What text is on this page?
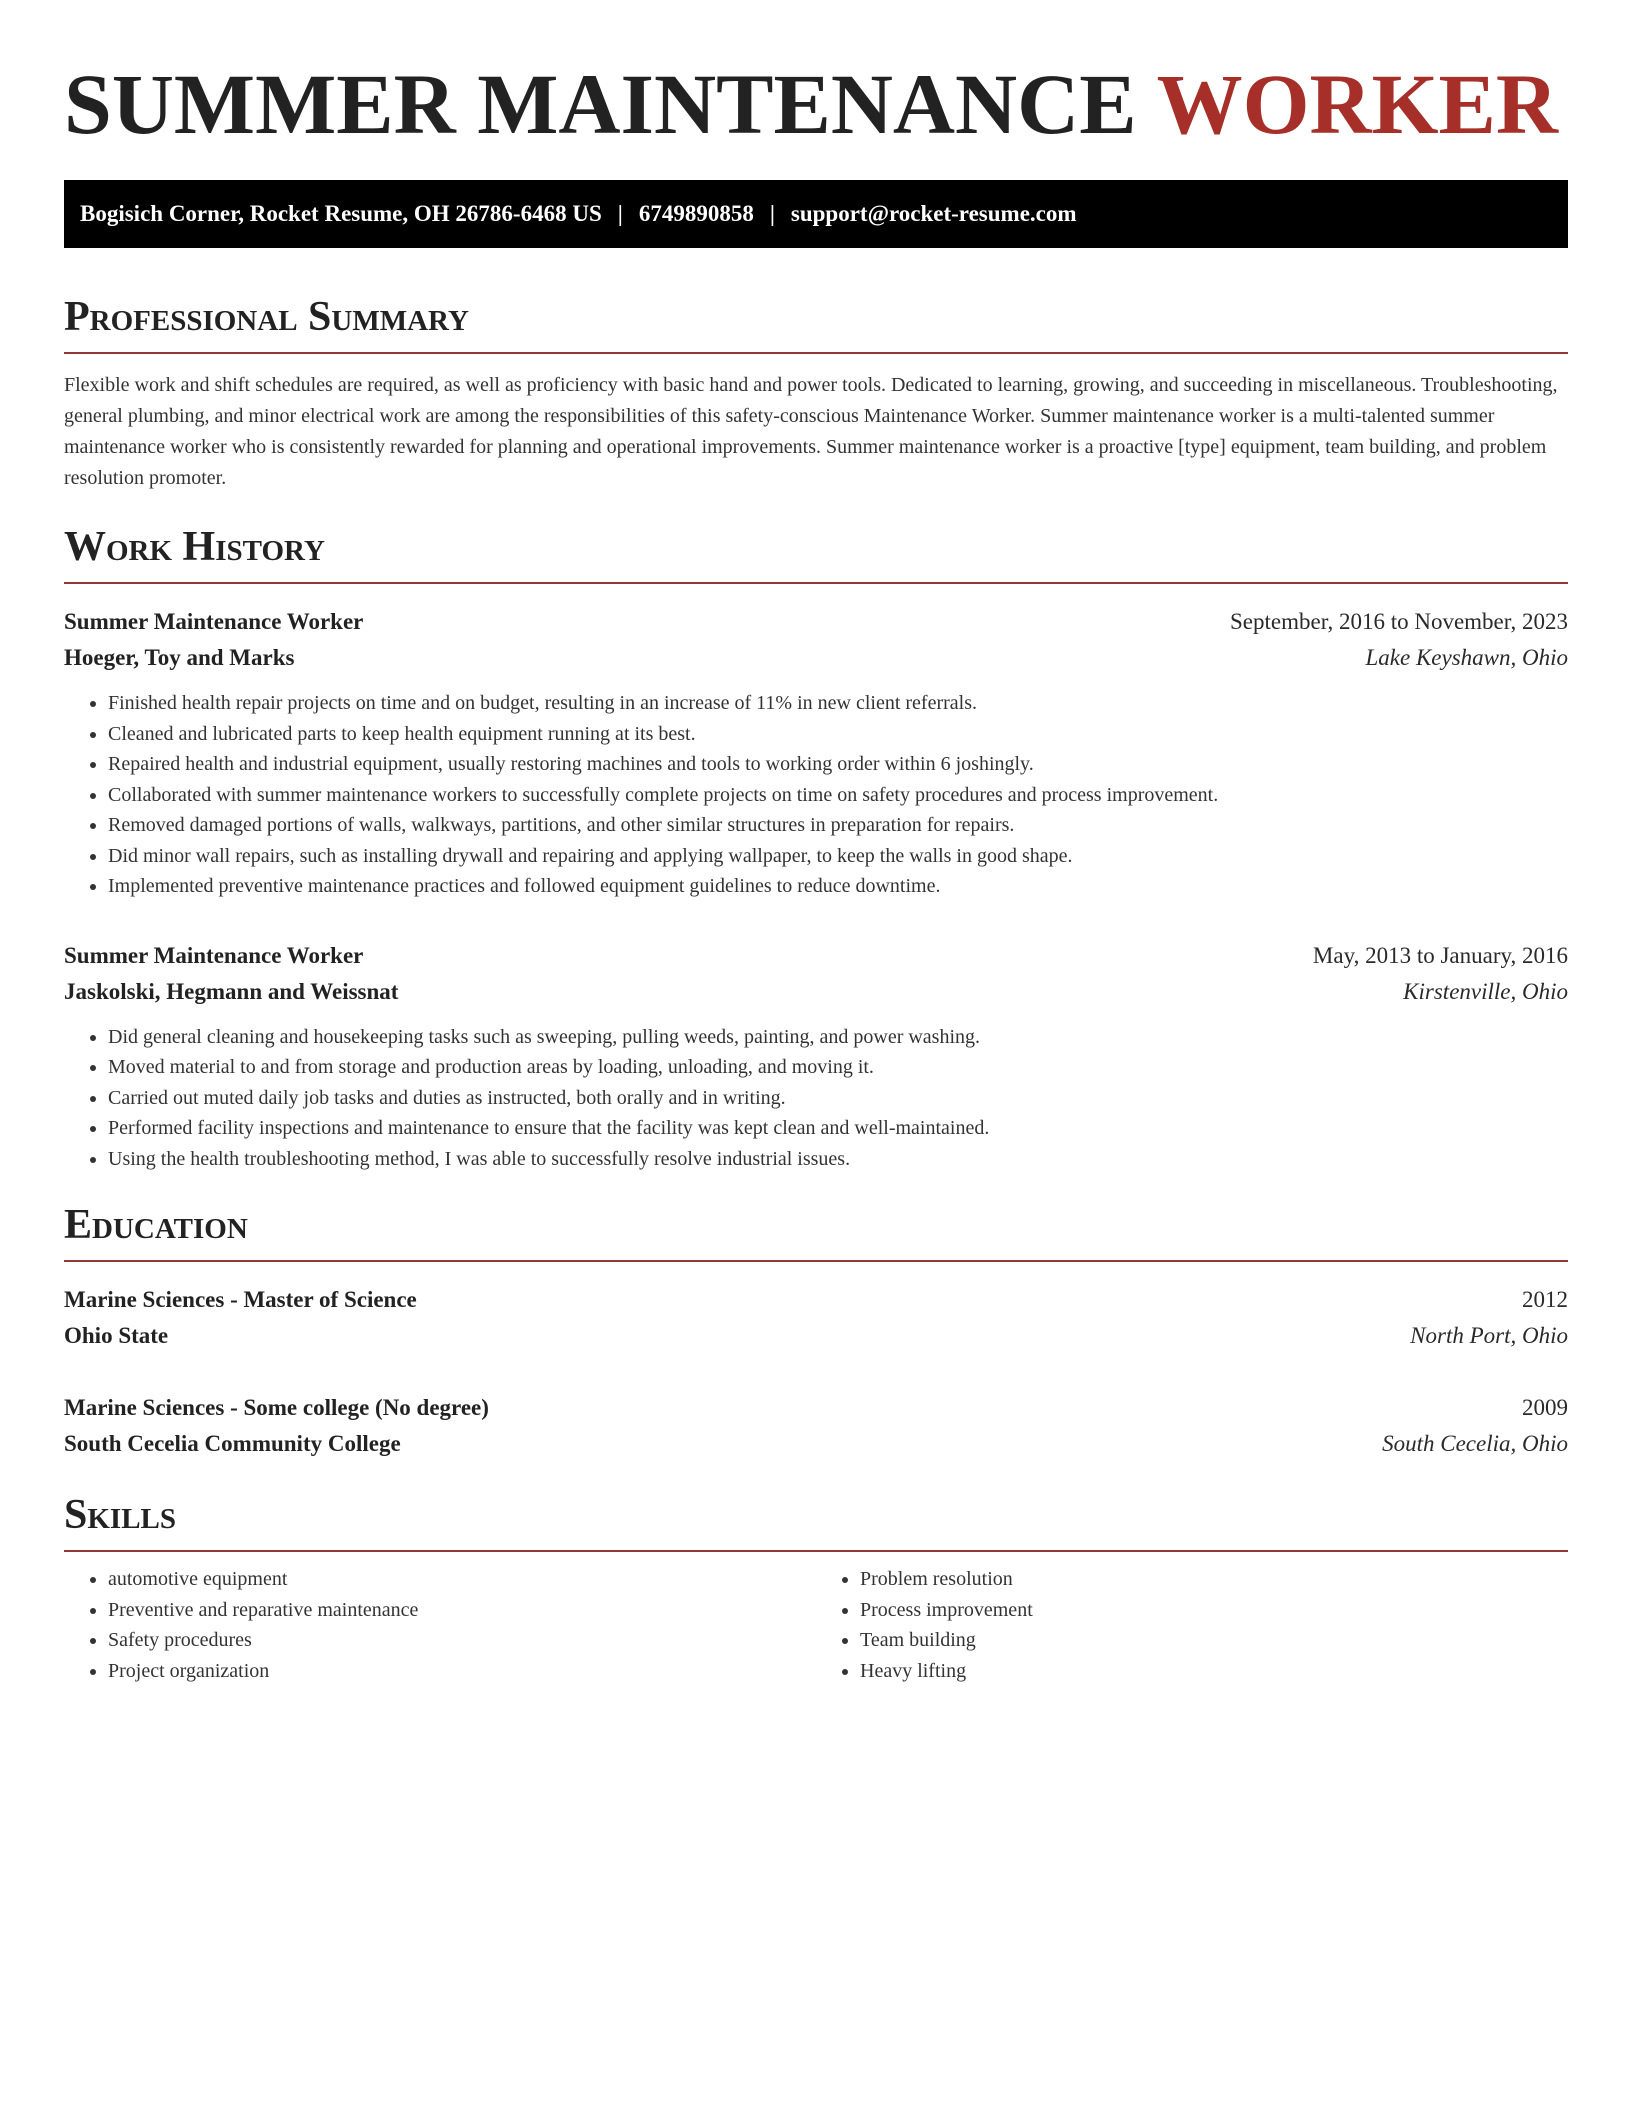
SUMMER MAINTENANCE WORKER
Bogisich Corner, Rocket Resume, OH 26786-6468 US | 6749890858 | support@rocket-resume.com
Professional Summary

Flexible work and shift schedules are required, as well as proficiency with basic hand and power tools. Dedicated to learning, growing, and succeeding in miscellaneous. Troubleshooting, general plumbing, and minor electrical work are among the responsibilities of this safety-conscious Maintenance Worker. Summer maintenance worker is a multi-talented summer maintenance worker who is consistently rewarded for planning and operational improvements. Summer maintenance worker is a proactive [type] equipment, team building, and problem resolution promoter.

Work History
Summer Maintenance Worker	September, 2016 to November, 2023
Hoeger, Toy and Marks	Lake Keyshawn, Ohio
• Finished health repair projects on time and on budget, resulting in an increase of 11% in new client referrals.
• Cleaned and lubricated parts to keep health equipment running at its best.
• Repaired health and industrial equipment, usually restoring machines and tools to working order within 6 joshingly.
• Collaborated with summer maintenance workers to successfully complete projects on time on safety procedures and process improvement.
• Removed damaged portions of walls, walkways, partitions, and other similar structures in preparation for repairs.
• Did minor wall repairs, such as installing drywall and repairing and applying wallpaper, to keep the walls in good shape.
• Implemented preventive maintenance practices and followed equipment guidelines to reduce downtime.
Summer Maintenance Worker	May, 2013 to January, 2016
Jaskolski, Hegmann and Weissnat	Kirstenville, Ohio
• Did general cleaning and housekeeping tasks such as sweeping, pulling weeds, painting, and power washing.
• Moved material to and from storage and production areas by loading, unloading, and moving it.
• Carried out muted daily job tasks and duties as instructed, both orally and in writing.
• Performed facility inspections and maintenance to ensure that the facility was kept clean and well-maintained.
• Using the health troubleshooting method, I was able to successfully resolve industrial issues.
Education
Marine Sciences - Master of Science	2012
Ohio State	North Port, Ohio
Marine Sciences - Some college (No degree)	2009
South Cecelia Community College	South Cecelia, Ohio
Skills
• automotive equipment
• Preventive and reparative maintenance
• Safety procedures
• Project organization
• Problem resolution
• Process improvement
• Team building
• Heavy lifting
